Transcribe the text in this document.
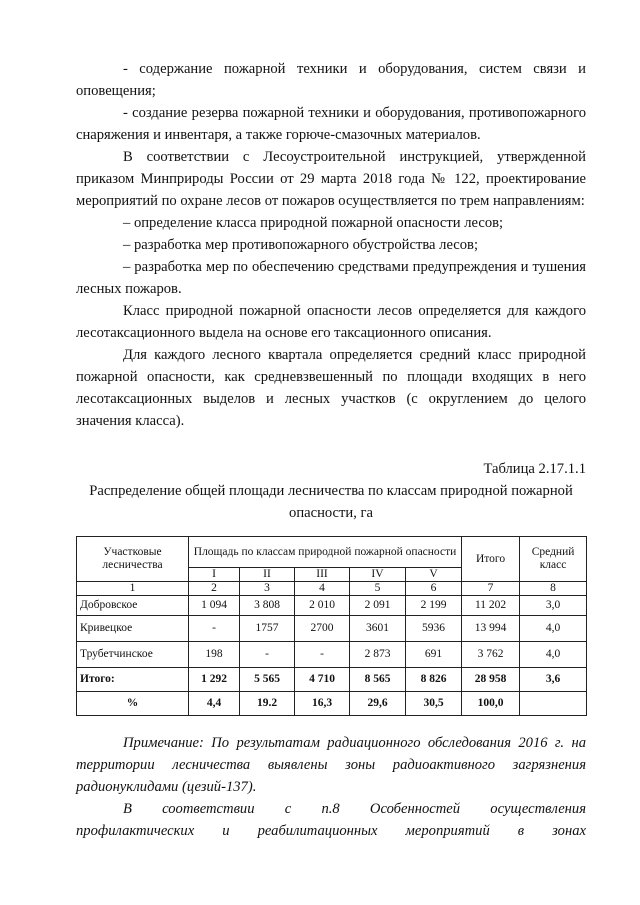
- содержание пожарной техники и оборудования, систем связи и оповещения;

- создание резерва пожарной техники и оборудования, противопожарного снаряжения и инвентаря, а также горюче-смазочных материалов.

В соответствии с Лесоустроительной инструкцией, утвержденной приказом Минприроды России от 29 марта 2018 года № 122, проектирование мероприятий по охране лесов от пожаров осуществляется по трем направлениям:

– определение класса природной пожарной опасности лесов;

– разработка мер противопожарного обустройства лесов;

– разработка мер по обеспечению средствами предупреждения и тушения лесных пожаров.

Класс природной пожарной опасности лесов определяется для каждого лесотаксационного выдела на основе его таксационного описания.

Для каждого лесного квартала определяется средний класс природной пожарной опасности, как средневзвешенный по площади входящих в него лесотаксационных выделов и лесных участков (с округлением до целого значения класса).

Таблица 2.17.1.1
Распределение общей площади лесничества по классам природной пожарной опасности, га
Участковые лесничества	Площадь по классам природной пожарной опасности					Итого	Средний класс
	I	II	III	IV	V		
1	2	3	4	5	6	7	8
Добровское	1 094	3 808	2 010	2 091	2 199	11 202	3,0
Кривецкое	-	1757	2700	3601	5936	13 994	4,0
Трубетчинское	198	-	-	2 873	691	3 762	4,0
Итого:	1 292	5 565	4 710	8 565	8 826	28 958	3,6
%	4,4	19.2	16,3	29,6	30,5	100,0	

Примечание: По результатам радиационного обследования 2016 г. на территории лесничества выявлены зоны радиоактивного загрязнения радионуклидами (цезий-137).

В соответствии с п.8 Особенностей осуществления

профилактических и реабилитационных мероприятий в зонах
